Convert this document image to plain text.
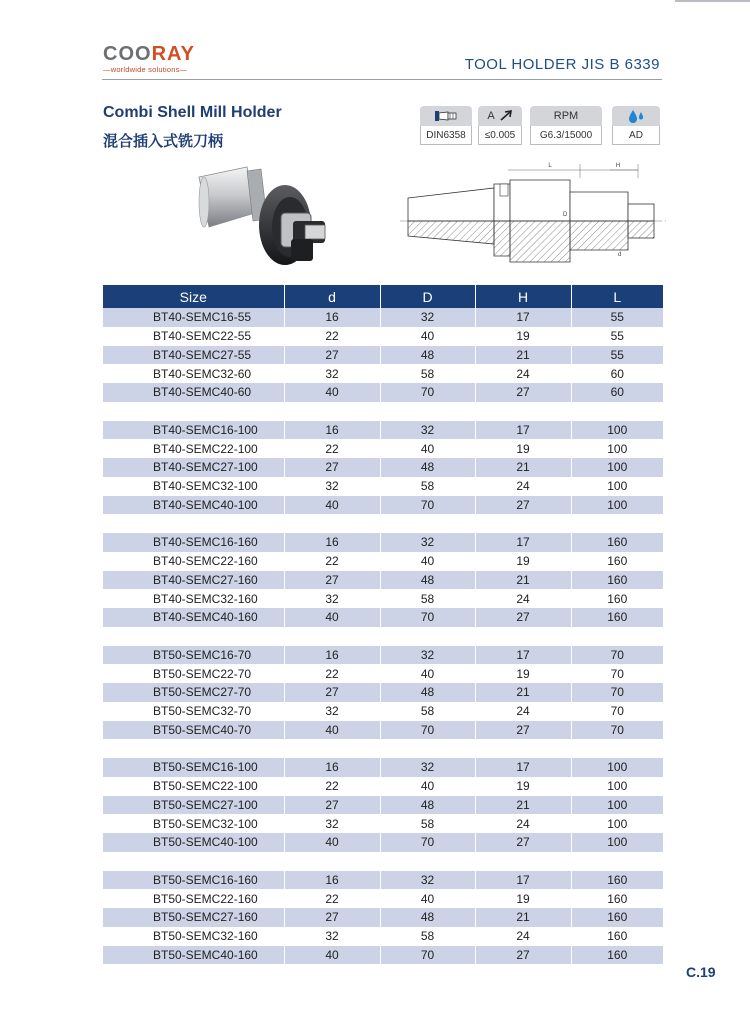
COORAY
—worldwide solutions—	TOOL HOLDER JIS B 6339
Combi Shell Mill Holder
混合插入式铣刀柄	DIN6358
A
≤0.005
RPM
G6.3/15000	AD
L	H
D
d
Size	d	D	H	L
BT40-SEMC16-55	16	32	17	55
BT40-SEMC22-55	22	40	19	55
BT40-SEMC27-55	27	48	21	55
BT40-SEMC32-60	32	58	24	60
BT40-SEMC40-60	40	70	27	60

BT40-SEMC16-100	16	32	17	100
BT40-SEMC22-100	22	40	19	100
BT40-SEMC27-100	27	48	21	100
BT40-SEMC32-100	32	58	24	100
BT40-SEMC40-100	40	70	27	100

BT40-SEMC16-160	16	32	17	160
BT40-SEMC22-160	22	40	19	160
BT40-SEMC27-160	27	48	21	160
BT40-SEMC32-160	32	58	24	160
BT40-SEMC40-160	40	70	27	160

BT50-SEMC16-70	16	32	17	70
BT50-SEMC22-70	22	40	19	70
BT50-SEMC27-70	27	48	21	70
BT50-SEMC32-70	32	58	24	70
BT50-SEMC40-70	40	70	27	70

BT50-SEMC16-100	16	32	17	100
BT50-SEMC22-100	22	40	19	100
BT50-SEMC27-100	27	48	21	100
BT50-SEMC32-100	32	58	24	100
BT50-SEMC40-100	40	70	27	100

BT50-SEMC16-160	16	32	17	160
BT50-SEMC22-160	22	40	19	160
BT50-SEMC27-160	27	48	21	160
BT50-SEMC32-160	32	58	24	160
BT50-SEMC40-160	40	70	27	160
C.19
